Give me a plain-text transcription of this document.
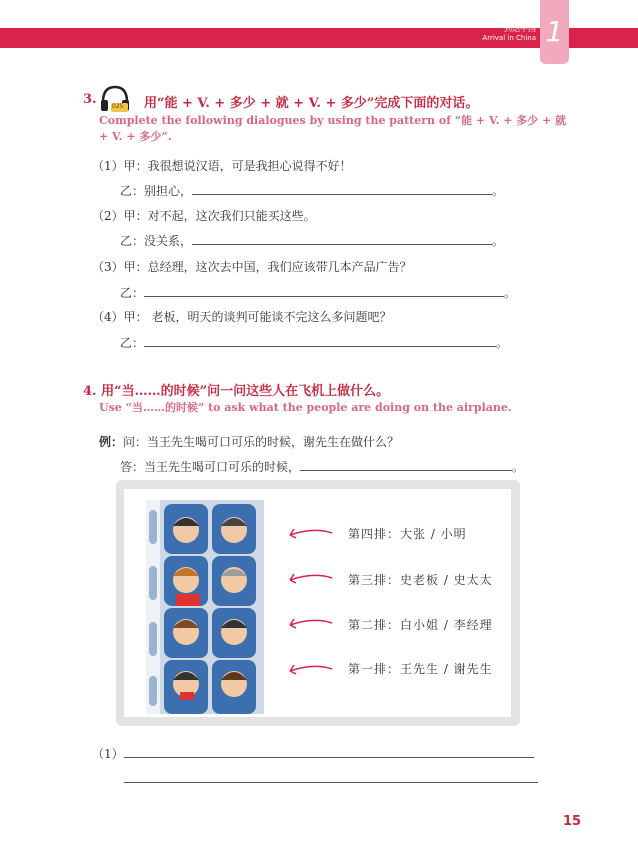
到达中国
Arrival in China 1
3.	025 用“能 + V. + 多少 + 就 + V. + 多少”完成下面的对话。
Complete the following dialogues by using the pattern of “能 + V. + 多少 + 就 + V. + 多少”.
（1）甲：我很想说汉语，可是我担心说得不好！
乙：别担心，	。
（2）甲：对不起，这次我们只能买这些。
乙：没关系，	。
（3）甲：总经理，这次去中国，我们应该带几本产品广告？
乙：	。
（4）甲： 老板，明天的谈判可能谈不完这么多问题吧？
乙：	。
4. 用“当……的时候”问一问这些人在飞机上做什么。
Use “当……的时候” to ask what the people are doing on the airplane.
例：问：当王先生喝可口可乐的时候，谢先生在做什么？
答：当王先生喝可口可乐的时候，	。
第四排：大张 / 小明
第三排：史老板 / 史太太
第二排：白小姐 / 李经理
第一排：王先生 / 谢先生
（1）
15
